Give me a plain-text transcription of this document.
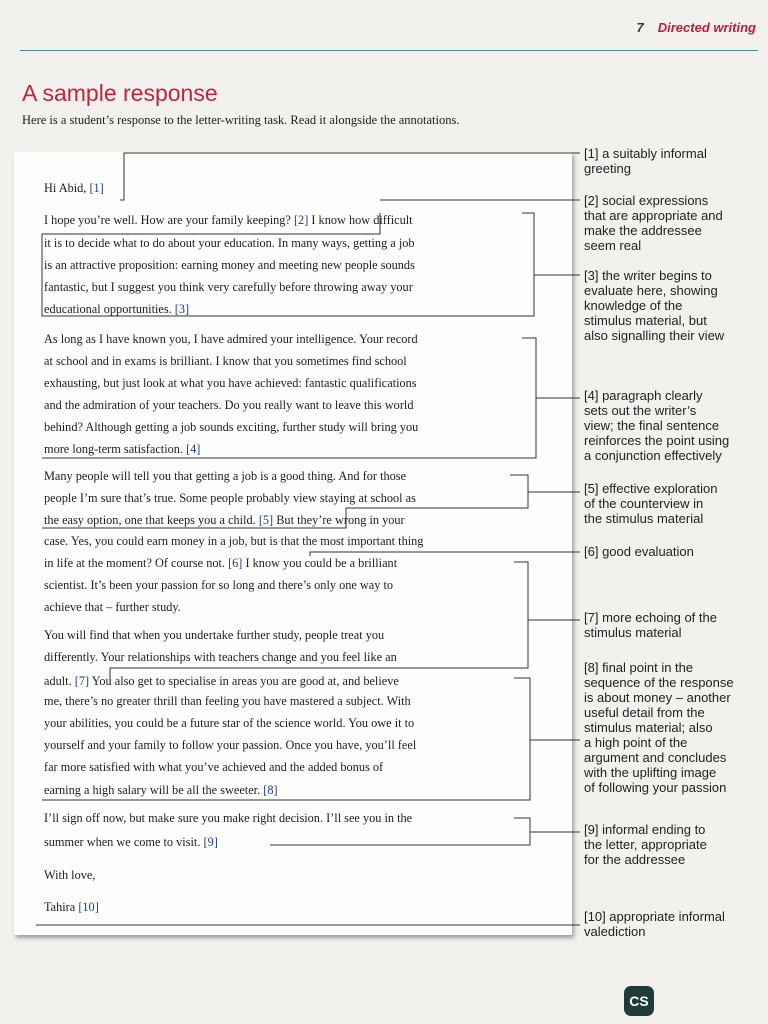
7 Directed writing
A sample response
Here is a student’s response to the letter-writing task. Read it alongside the annotations.
Hi Abid, [1]
I hope you’re well. How are your family keeping? [2] I know how difficult
it is to decide what to do about your education. In many ways, getting a job
is an attractive proposition: earning money and meeting new people sounds
fantastic, but I suggest you think very carefully before throwing away your
educational opportunities. [3]
As long as I have known you, I have admired your intelligence. Your record
at school and in exams is brilliant. I know that you sometimes find school
exhausting, but just look at what you have achieved: fantastic qualifications
and the admiration of your teachers. Do you really want to leave this world
behind? Although getting a job sounds exciting, further study will bring you
more long-term satisfaction. [4]
Many people will tell you that getting a job is a good thing. And for those
people I’m sure that’s true. Some people probably view staying at school as
the easy option, one that keeps you a child. [5] But they’re wrong in your
case. Yes, you could earn money in a job, but is that the most important thing
in life at the moment? Of course not. [6] I know you could be a brilliant
scientist. It’s been your passion for so long and there’s only one way to
achieve that – further study.
You will find that when you undertake further study, people treat you
differently. Your relationships with teachers change and you feel like an
adult. [7] You also get to specialise in areas you are good at, and believe
me, there’s no greater thrill than feeling you have mastered a subject. With
your abilities, you could be a future star of the science world. You owe it to
yourself and your family to follow your passion. Once you have, you’ll feel
far more satisfied with what you’ve achieved and the added bonus of
earning a high salary will be all the sweeter. [8]
I’ll sign off now, but make sure you make right decision. I’ll see you in the
summer when we come to visit. [9]
With love,
Tahira [10]
[1] a suitably informal
greeting
[2] social expressions
that are appropriate and
make the addressee
seem real
[3] the writer begins to
evaluate here, showing
knowledge of the
stimulus material, but
also signalling their view
[4] paragraph clearly
sets out the writer’s
view; the final sentence
reinforces the point using
a conjunction effectively
[5] effective exploration
of the counterview in
the stimulus material
[6] good evaluation
[7] more echoing of the
stimulus material
[8] final point in the
sequence of the response
is about money – another
useful detail from the
stimulus material; also
a high point of the
argument and concludes
with the uplifting image
of following your passion
[9] informal ending to
the letter, appropriate
for the addressee
[10] appropriate informal
valediction
CS
